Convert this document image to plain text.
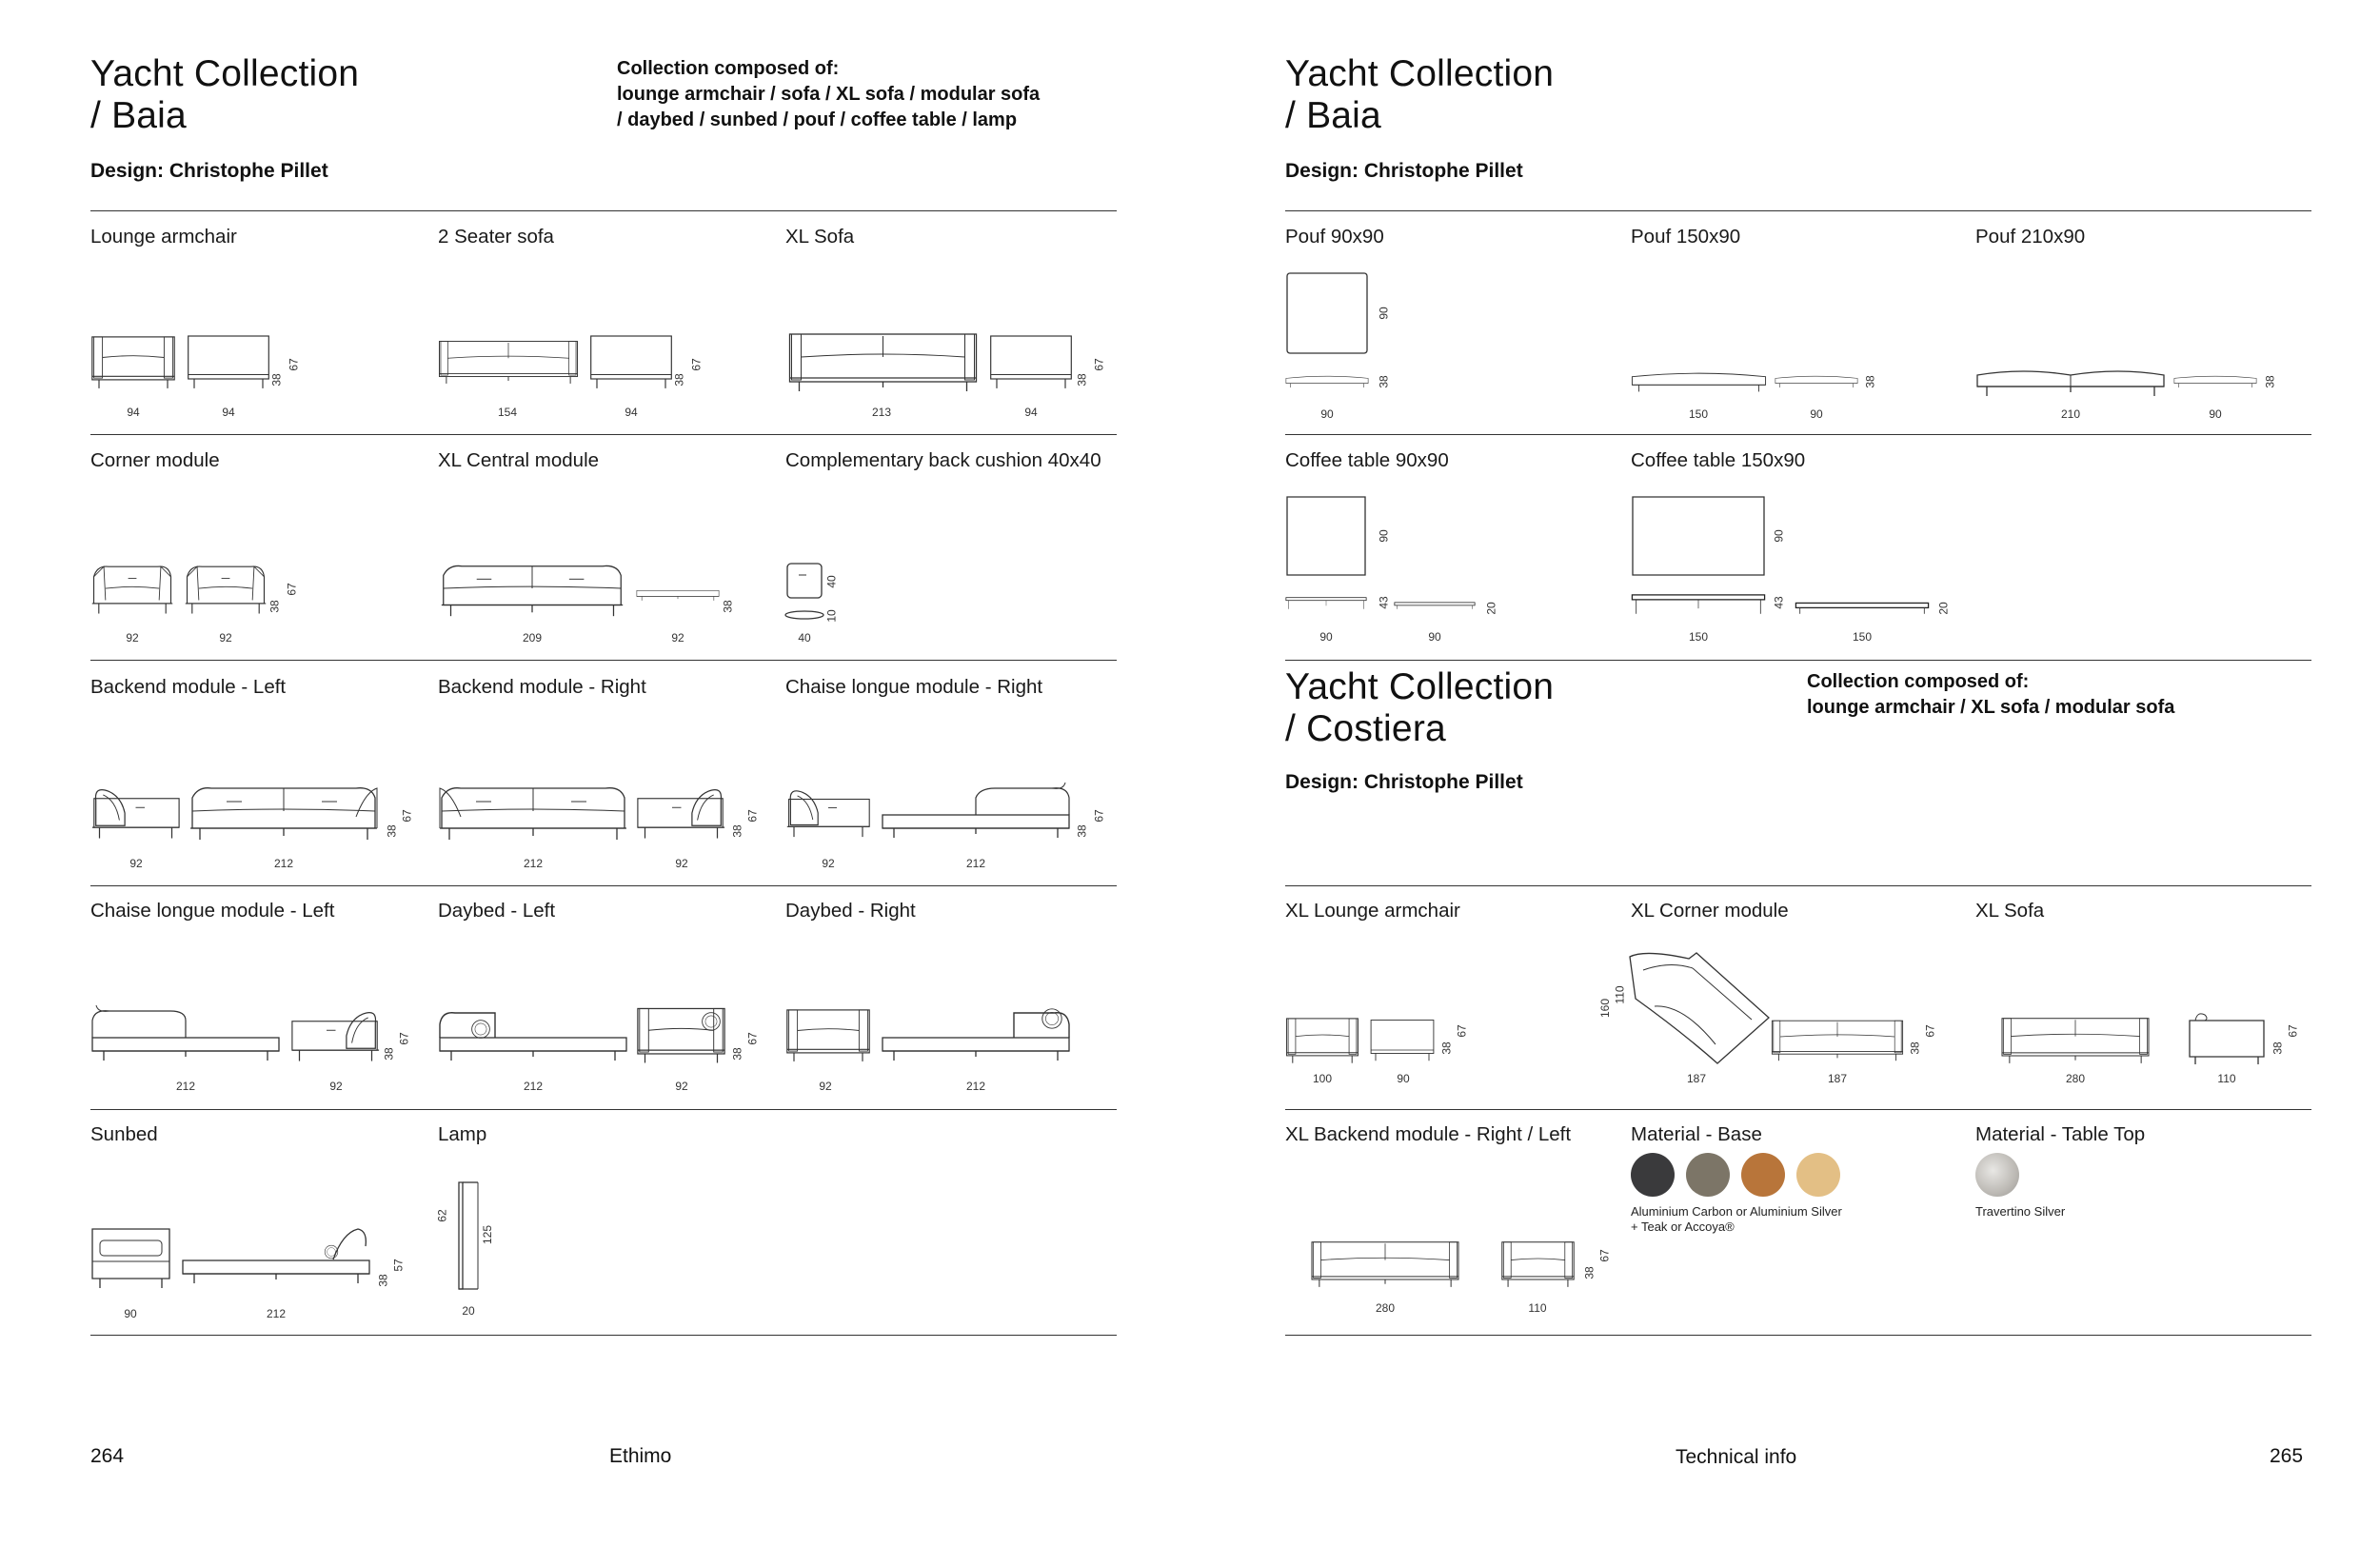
Yacht Collection
/ Baia
Design: Christophe Pillet
Collection composed of:
lounge armchair / sofa / XL sofa / modular sofa
/ daybed / sunbed / pouf / coffee table / lamp
Lounge armchair
94	94
38
67
2 Seater sofa
154	94
38
67
XL Sofa
213	94
38
67
Corner module
92	92
38
67
XL Central module
209	92
38
Complementary back cushion 40x40
40
40
10
Backend module - Left
92	212
38
67
Backend module - Right
212	92
38
67
Chaise longue module - Right
92	212
38
67
Chaise longue module - Left
212	92
38
67
Daybed - Left
212	92
38
67
Daybed - Right
92	212
Sunbed
90	212
38
57
Lamp
20
62
125
Yacht Collection
/ Baia
Design: Christophe Pillet
Pouf 90x90
90
90
38
Pouf 150x90
150	90
38
Pouf 210x90
210	90
38
Coffee table 90x90
90	90
90
43	20
Coffee table 150x90
150	150
90
43	20
Yacht Collection
/ Costiera
Design: Christophe Pillet
Collection composed of:
lounge armchair / XL sofa / modular sofa
XL Lounge armchair
100	90
38
67
XL Corner module
187	187
160
110
38
67
XL Sofa
280	110
38
67
XL Backend module - Right / Left
280	110
38
67
Material - Base
Aluminium Carbon or Aluminium Silver
+ Teak or Accoya®
Material - Table Top
Travertino Silver
264	Ethimo	Technical info	265
